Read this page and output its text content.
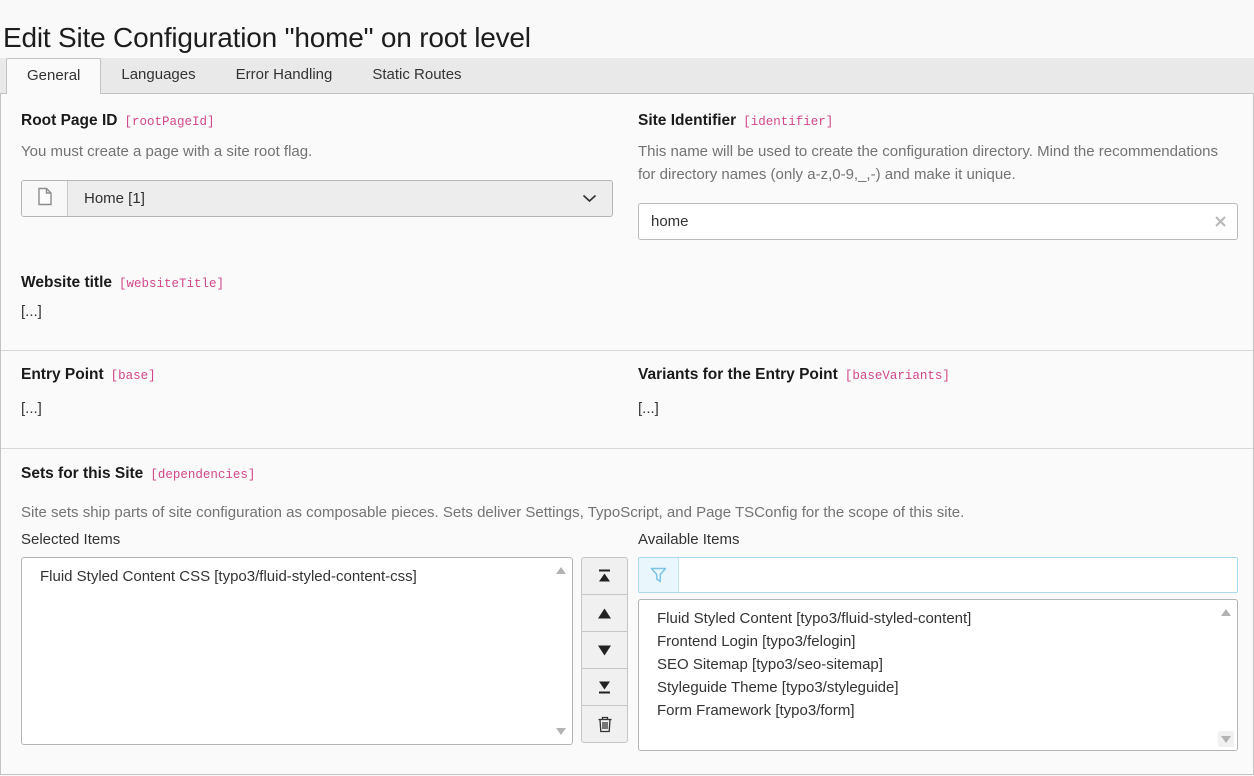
Edit Site Configuration "home" on root level
General	Languages	Error Handling	Static Routes
Root Page ID [rootPageId]
You must create a page with a site root flag.
Home [1]
Site Identifier [identifier]
This name will be used to create the configuration directory. Mind the recommendations for directory names (only a-z,0-9,_,-) and make it unique.
home
Website title [websiteTitle]
[...]
Entry Point [base]
[...]
Variants for the Entry Point [baseVariants]
[...]
Sets for this Site [dependencies]
Site sets ship parts of site configuration as composable pieces. Sets deliver Settings, TypoScript, and Page TSConfig for the scope of this site.
Selected Items	Available Items
Fluid Styled Content CSS [typo3/fluid-styled-content-css]
Fluid Styled Content [typo3/fluid-styled-content]
Frontend Login [typo3/felogin]
SEO Sitemap [typo3/seo-sitemap]
Styleguide Theme [typo3/styleguide]
Form Framework [typo3/form]
